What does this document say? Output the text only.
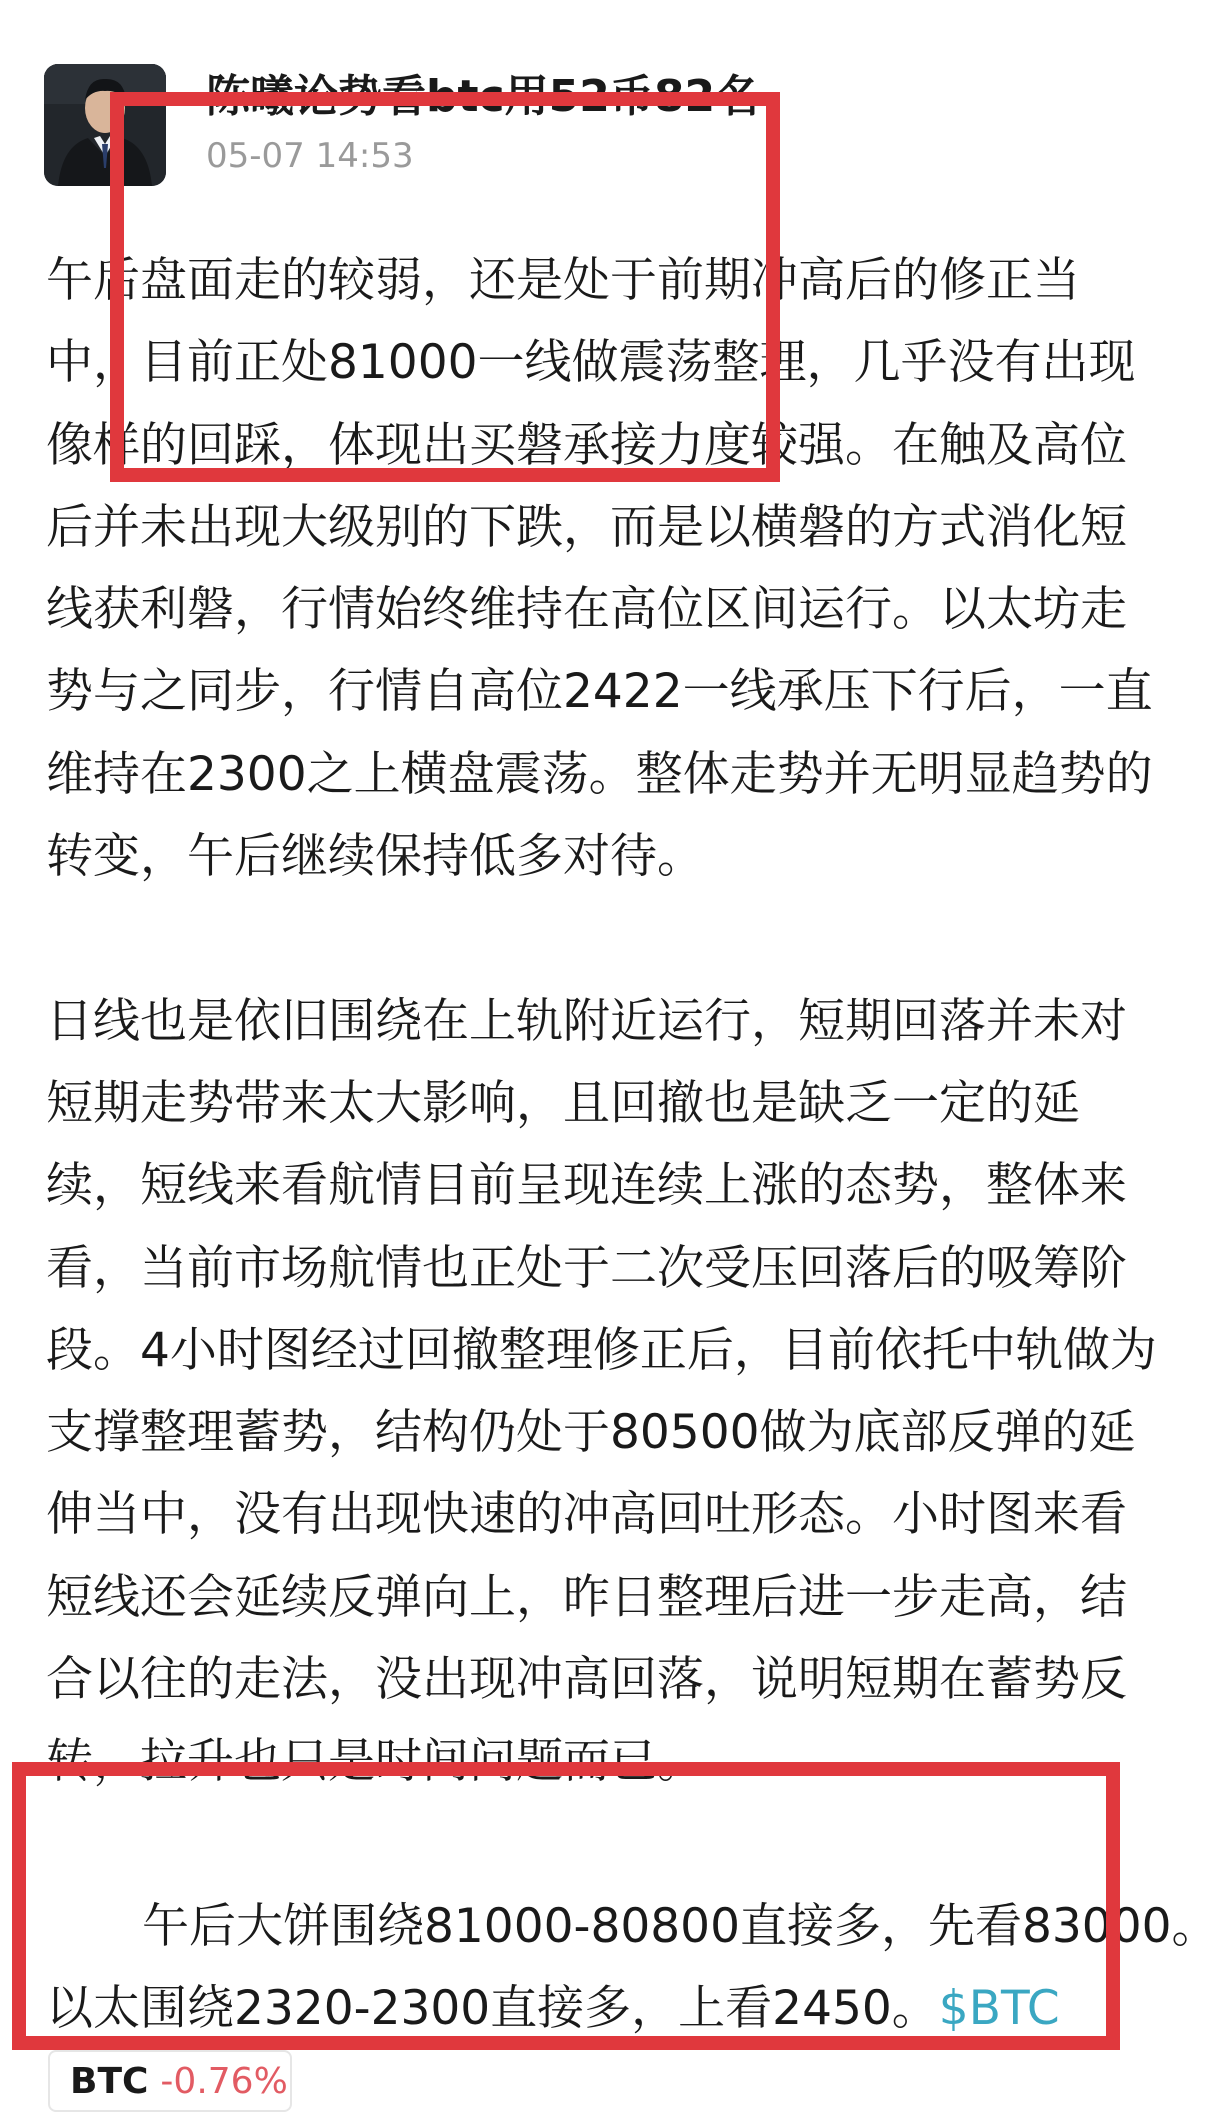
陈曦论势看btc用52币82名
05-07 14:53
午后盘面走的较弱，还是处于前期冲高后的修正当
中，目前正处81000一线做震荡整理，几乎没有出现
像样的回踩，体现出买磐承接力度较强。在触及高位
后并未出现大级别的下跌，而是以横磐的方式消化短
线获利磐，行情始终维持在高位区间运行。以太坊走
势与之同步，行情自高位2422一线承压下行后，一直
维持在2300之上横盘震荡。整体走势并无明显趋势的
转变，午后继续保持低多对待。
日线也是依旧围绕在上轨附近运行，短期回落并未对
短期走势带来太大影响，且回撤也是缺乏一定的延
续，短线来看航情目前呈现连续上涨的态势，整体来
看，当前市场航情也正处于二次受压回落后的吸筹阶
段。4小时图经过回撤整理修正后，目前依托中轨做为
支撑整理蓄势，结构仍处于80500做为底部反弹的延
伸当中，没有出现快速的冲高回吐形态。小时图来看
短线还会延续反弹向上，昨日整理后进一步走高，结
合以往的走法，没出现冲高回落，说明短期在蓄势反
转，拉升也只是时间问题而已。
午后大饼围绕81000-80800直接多，先看83000。
以太围绕2320-2300直接多，上看2450。$BTC
BTC -0.76%
